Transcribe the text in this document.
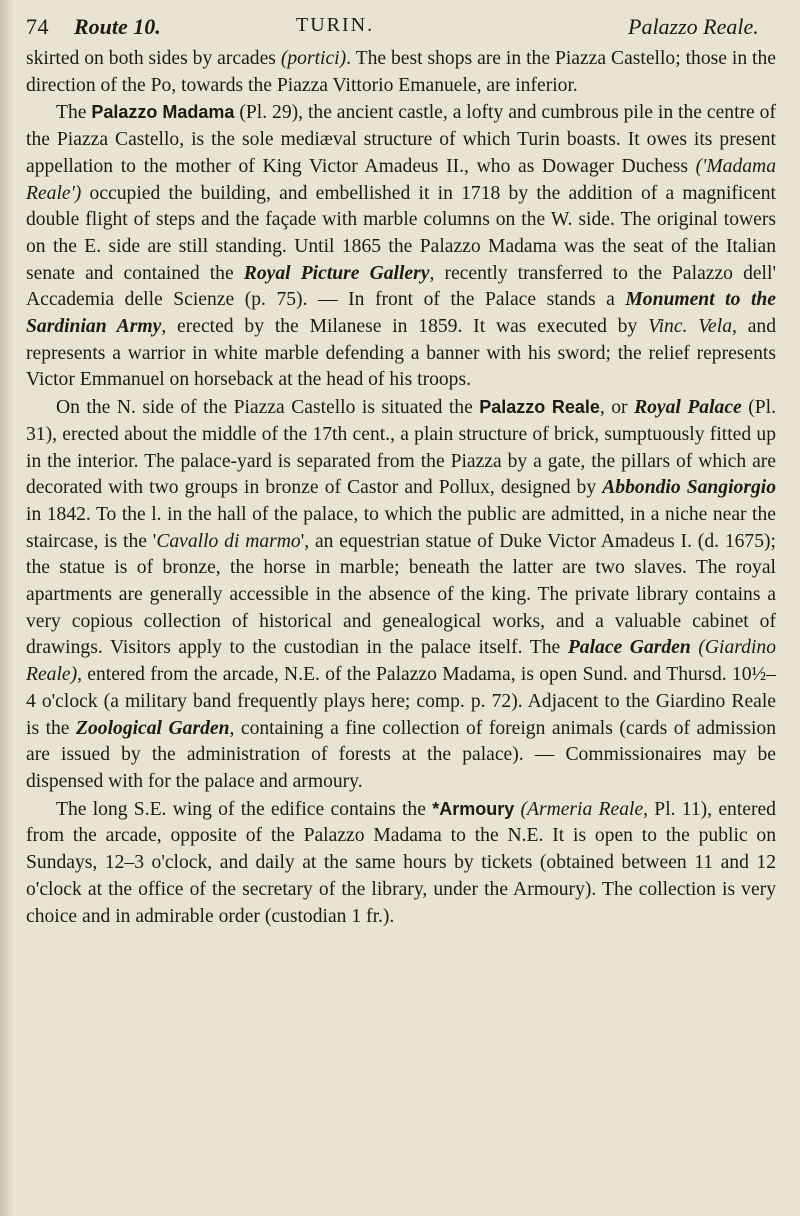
74 Route 10.	TURIN.	Palazzo Reale.

skirted on both sides by arcades (portici). The best shops are in the Piazza Castello; those in the direction of the Po, towards the Piazza Vittorio Emanuele, are inferior.

The Palazzo Madama (Pl. 29), the ancient castle, a lofty and cumbrous pile in the centre of the Piazza Castello, is the sole mediæval structure of which Turin boasts. It owes its present appellation to the mother of King Victor Amadeus II., who as Dowager Duchess ('Madama Reale') occupied the building, and embellished it in 1718 by the addition of a magnificent double flight of steps and the façade with marble columns on the W. side. The original towers on the E. side are still standing. Until 1865 the Palazzo Madama was the seat of the Italian senate and contained the Royal Picture Gallery, recently transferred to the Palazzo dell' Accademia delle Scienze (p. 75). — In front of the Palace stands a Monument to the Sardinian Army, erected by the Milanese in 1859. It was executed by Vinc. Vela, and represents a warrior in white marble defending a banner with his sword; the relief represents Victor Emmanuel on horseback at the head of his troops.

On the N. side of the Piazza Castello is situated the Palazzo Reale, or Royal Palace (Pl. 31), erected about the middle of the 17th cent., a plain structure of brick, sumptuously fitted up in the interior. The palace-yard is separated from the Piazza by a gate, the pillars of which are decorated with two groups in bronze of Castor and Pollux, designed by Abbondio Sangiorgio in 1842. To the l. in the hall of the palace, to which the public are admitted, in a niche near the staircase, is the 'Cavallo di marmo', an equestrian statue of Duke Victor Amadeus I. (d. 1675); the statue is of bronze, the horse in marble; beneath the latter are two slaves. The royal apartments are generally accessible in the absence of the king. The private library contains a very copious collection of historical and genealogical works, and a valuable cabinet of drawings. Visitors apply to the custodian in the palace itself. The Palace Garden (Giardino Reale), entered from the arcade, N.E. of the Palazzo Madama, is open Sund. and Thursd. 10½–4 o'clock (a military band frequently plays here; comp. p. 72). Adjacent to the Giardino Reale is the Zoological Garden, containing a fine collection of foreign animals (cards of admission are issued by the administration of forests at the palace). — Commissionaires may be dispensed with for the palace and armoury.

The long S.E. wing of the edifice contains the *Armoury (Armeria Reale, Pl. 11), entered from the arcade, opposite of the Palazzo Madama to the N.E. It is open to the public on Sundays, 12–3 o'clock, and daily at the same hours by tickets (obtained between 11 and 12 o'clock at the office of the secretary of the library, under the Armoury). The collection is very choice and in admirable order (custodian 1 fr.).
